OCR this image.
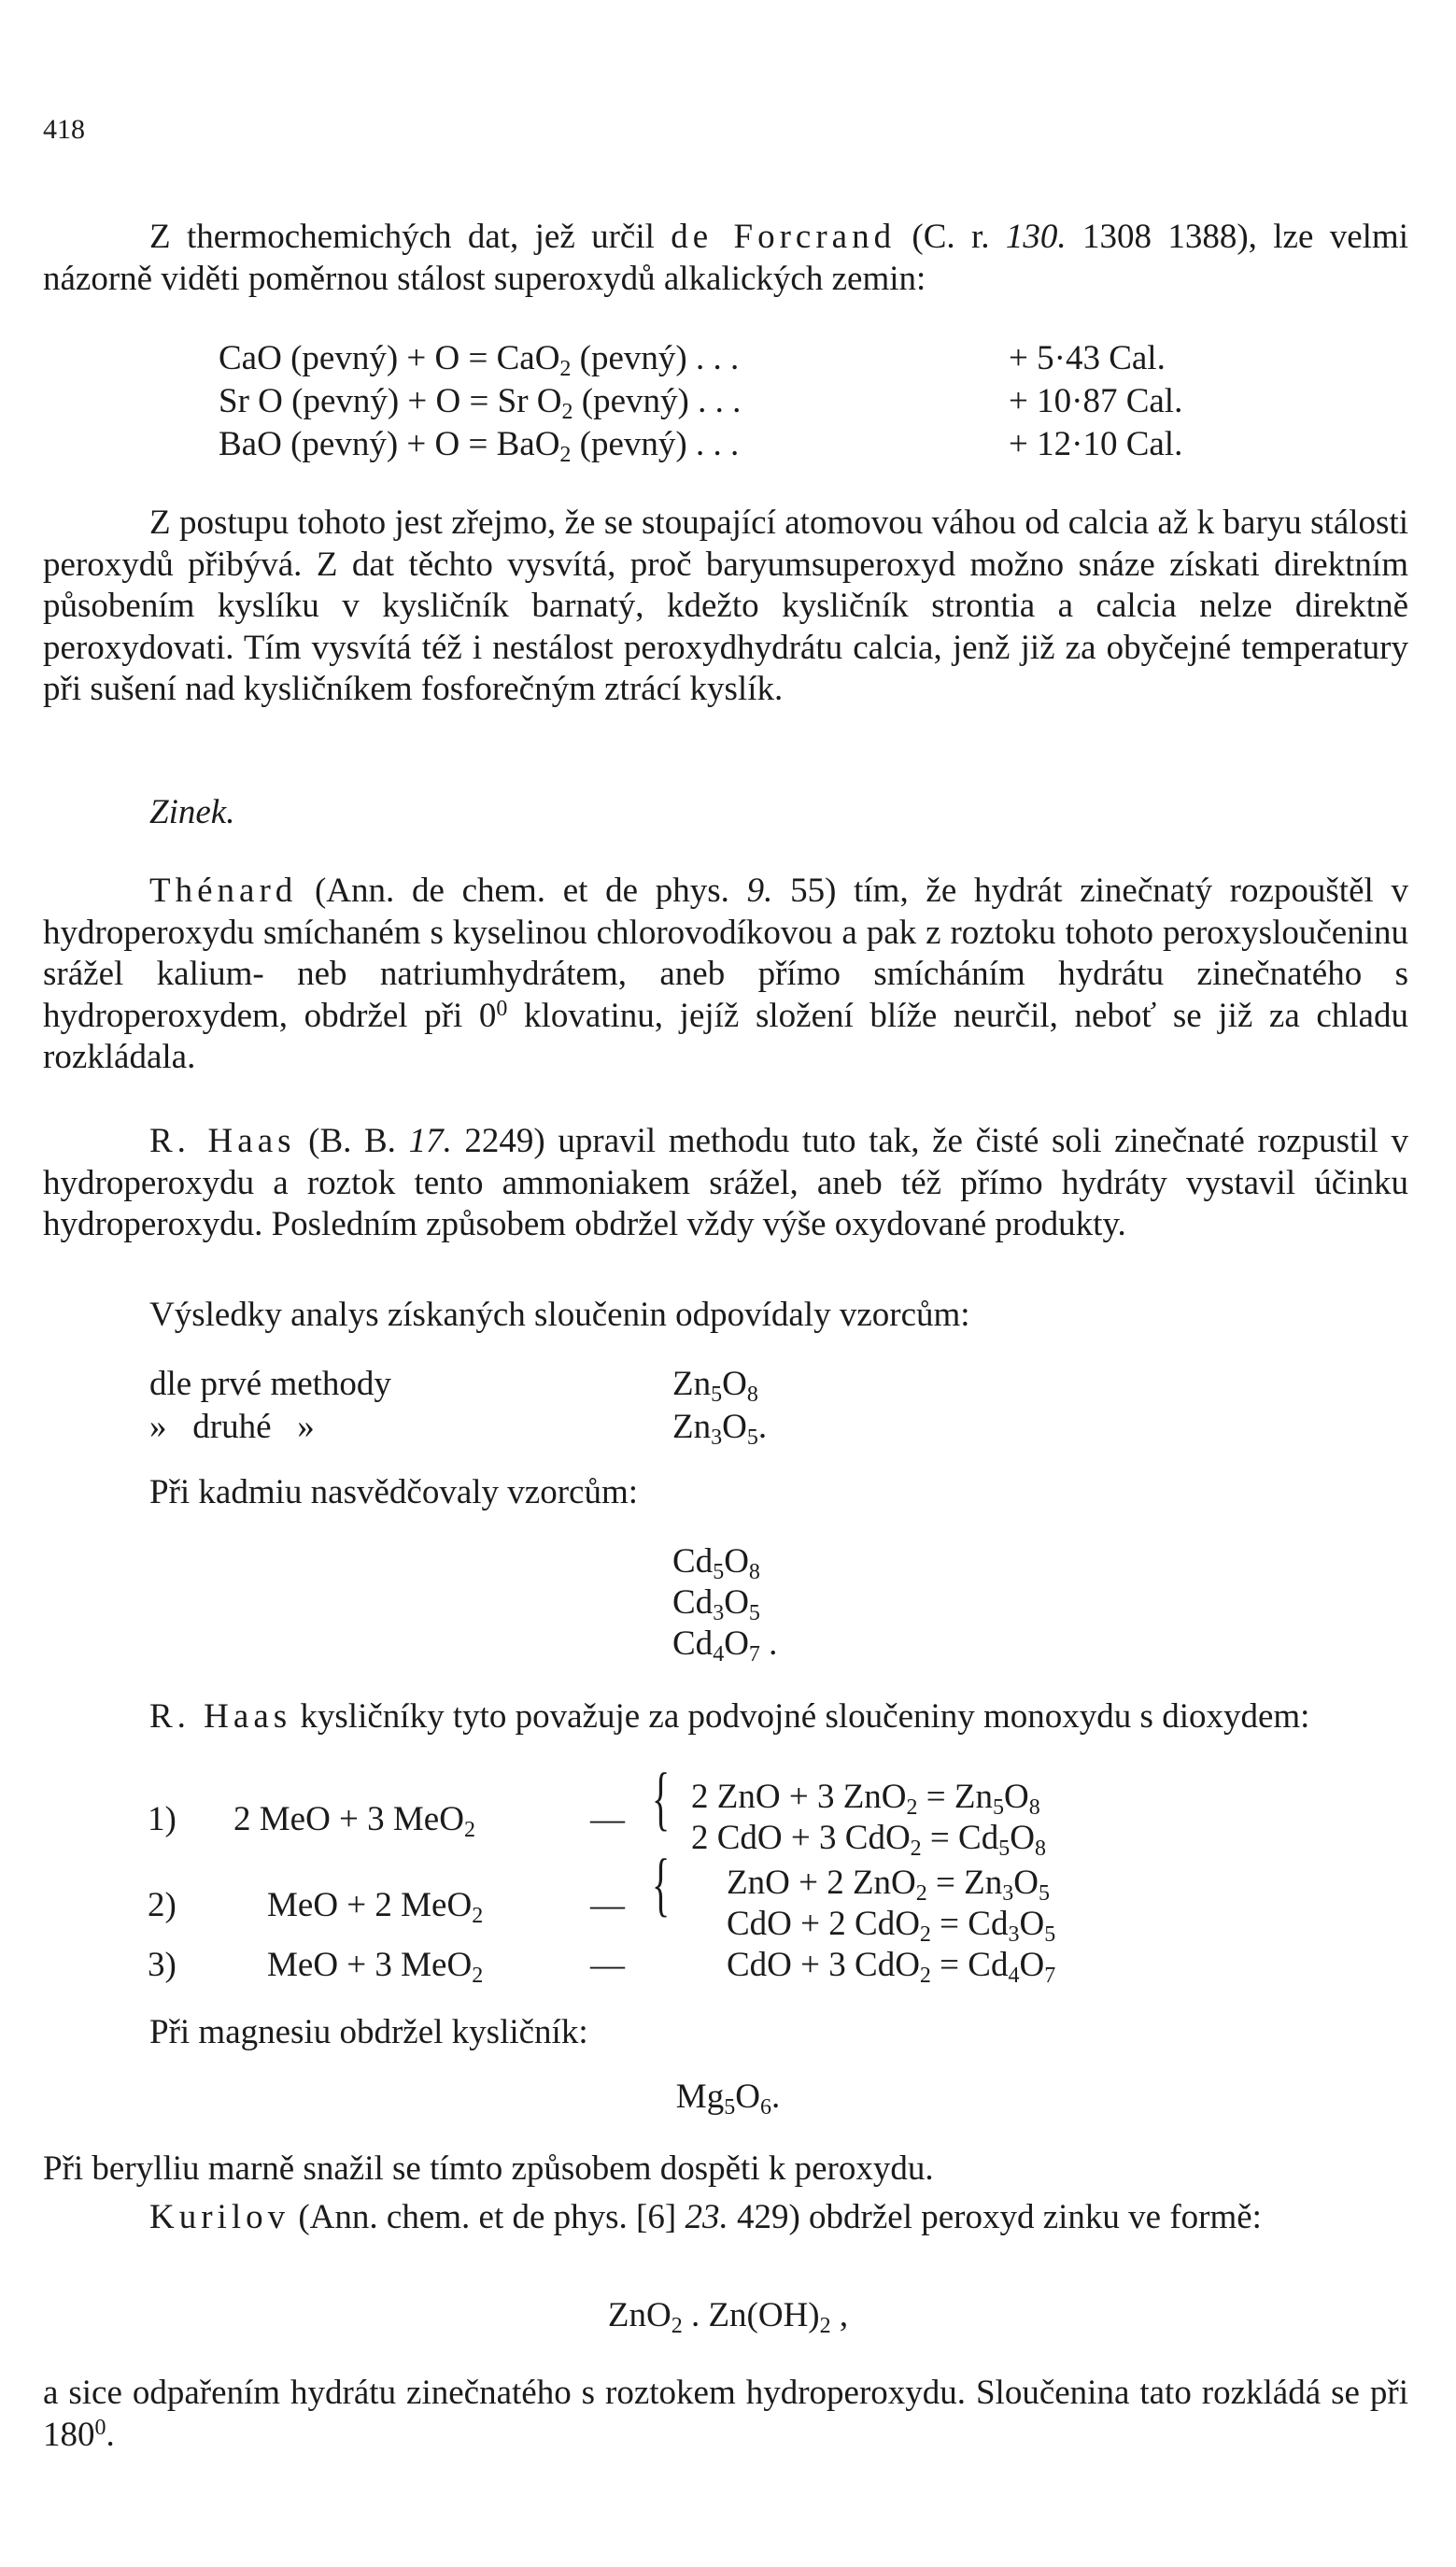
418

Z thermochemichých dat, jež určil de Forcrand (C. r. 130. 1308 1388), lze velmi názorně viděti poměrnou stálost superoxydů alkalických zemin:

CaO (pevný) + O = CaO$_2$ (pevný) . . .	+ 5·43 Cal.
Sr O (pevný) + O = Sr $O_2$ (pevný) . . .	+ 10·87 Cal.
BaO (pevný) + O = BaO$_2$ (pevný) . . .	+ 12·10 Cal.

Z postupu tohoto jest zřejmo, že se stoupající atomovou váhou od calcia až k baryu stálosti peroxydů přibývá. Z dat těchto vysvítá, proč baryumsuperoxyd možno snáze získati direktním působením kyslíku v kysličník barnatý, kdežto kysličník strontia a calcia nelze direktně peroxydovati. Tím vysvítá též i nestálost peroxydhydrátu calcia, jenž již za obyčejné temperatury při sušení nad kysličníkem fosforečným ztrácí kyslík.

Zinek.

Thénard (Ann. de chem. et de phys. 9. 55) tím, že hydrát zinečnatý rozpouštěl v hydroperoxydu smíchaném s kyselinou chlorovodíkovou a pak z roztoku tohoto peroxysloučeninu srážel kalium- neb natriumhydrátem, aneb přímo smícháním hydrátu zinečnatého s hydroperoxydem, obdržel při $0^0$ klovatinu, jejíž složení blíže neurčil, neboť se již za chladu rozkládala.

R. Haas (B. B. 17. 2249) upravil methodu tuto tak, že čisté soli zinečnaté rozpustil v hydroperoxydu a roztok tento ammoniakem srážel, aneb též přímo hydráty vystavil účinku hydroperoxydu. Posledním způsobem obdržel vždy výše oxydované produkty.

Výsledky analys získaných sloučenin odpovídaly vzorcům:
dle prvé methody	$Zn_5O_8$
»   druhé   »	$Zn_3O_5$.
Při kadmiu nasvědčovaly vzorcům:
$Cd_5O_8$
$Cd_3O_5$
$Cd_4O_7$ .

R. Haas kysličníky tyto považuje za podvojné sloučeniny monoxydu s dioxydem:

1) 2 MeO + 3 MeO$_2$	— { 2 ZnO + 3 $ZnO_2 = Zn_5O_8$
2 CdO + 3 $CdO_2 = Cd_5O_8$
2)	MeO + 2 MeO$_2$	— { ZnO + 2 $ZnO_2 = Zn_3O_5$
CdO + 2 $CdO_2 = Cd_3O_5$
3)	MeO + 3 MeO$_2$	—	CdO + 3 $CdO_2 = Cd_4O_7$
Při magnesiu obdržel kysličník:
$Mg_5O_6$.
Při berylliu marně snažil se tímto způsobem dospěti k peroxydu.

Kurilov (Ann. chem. et de phys. [6] 23. 429) obdržel peroxyd zinku ve formě:

ZnO$_2$ . $Zn(OH)_2$ ,

a sice odpařením hydrátu zinečnatého s roztokem hydroperoxydu. Sloučenina tato rozkládá se při $180^0$.
